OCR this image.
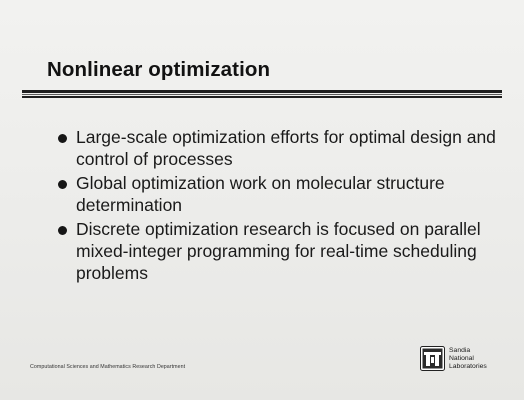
Nonlinear optimization
Large-scale optimization efforts for optimal design and control of processes
Global optimization work on molecular structure determination
Discrete optimization research is focused on parallel mixed-integer programming for real-time scheduling problems
Computational Sciences and Mathematics Research Department
Sandia
National
Laboratories
